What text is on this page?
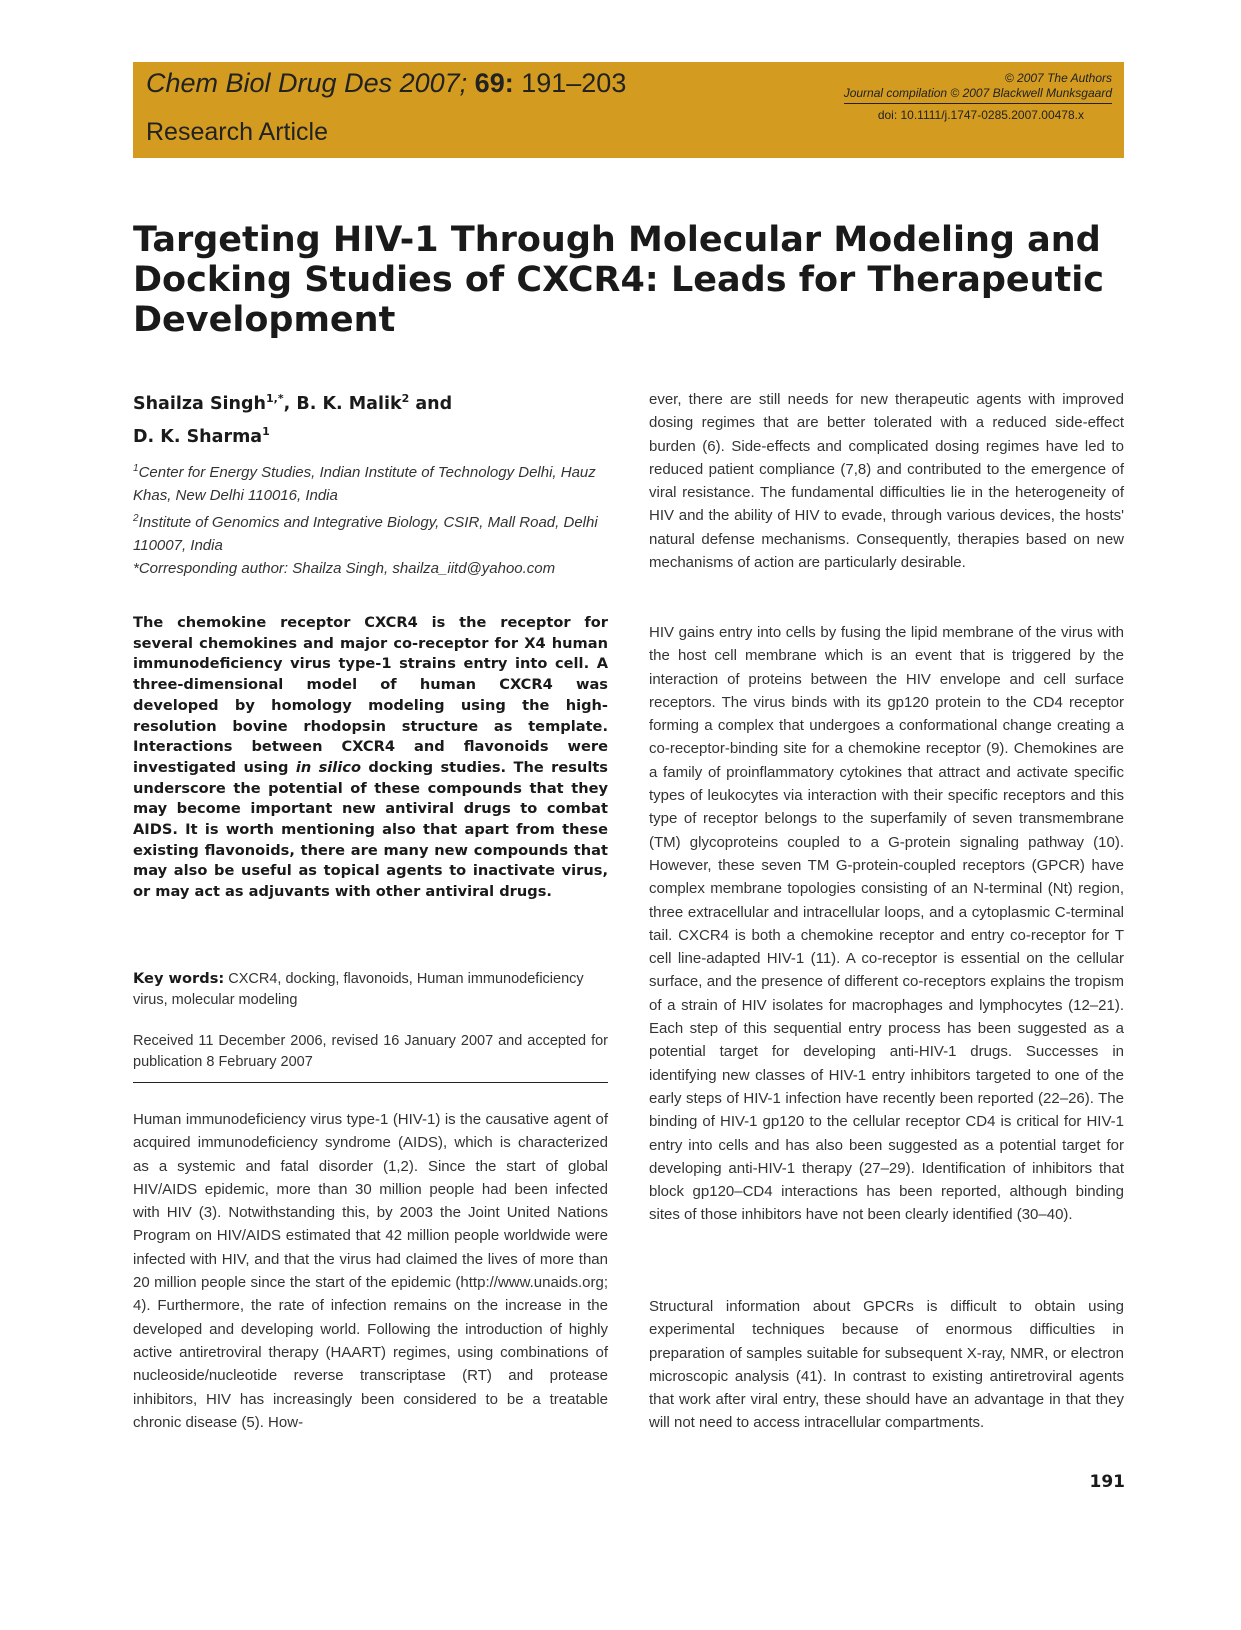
Chem Biol Drug Des 2007; 69: 191–203
Research Article
© 2007 The Authors
Journal compilation © 2007 Blackwell Munksgaard
doi: 10.1111/j.1747-0285.2007.00478.x
Targeting HIV-1 Through Molecular Modeling and Docking Studies of CXCR4: Leads for Therapeutic Development
Shailza Singh$^{1,*}$, B. K. Malik$^2$ and
D. K. Sharma$^1$
$^1$Center for Energy Studies, Indian Institute of Technology Delhi, Hauz Khas, New Delhi 110016, India
$^2$Institute of Genomics and Integrative Biology, CSIR, Mall Road, Delhi 110007, India
*Corresponding author: Shailza Singh, shailza_iitd@yahoo.com

The chemokine receptor CXCR4 is the receptor for several chemokines and major co-receptor for X4 human immunodeficiency virus type-1 strains entry into cell. A three-dimensional model of human CXCR4 was developed by homology modeling using the high-resolution bovine rhodopsin structure as template. Interactions between CXCR4 and flavonoids were investigated using in silico docking studies. The results underscore the potential of these compounds that they may become important new antiviral drugs to combat AIDS. It is worth mentioning also that apart from these existing flavonoids, there are many new compounds that may also be useful as topical agents to inactivate virus, or may act as adjuvants with other antiviral drugs.

Key words: CXCR4, docking, flavonoids, Human immunodeficiency virus, molecular modeling
Received 11 December 2006, revised 16 January 2007 and accepted for publication 8 February 2007

Human immunodeficiency virus type-1 (HIV-1) is the causative agent of acquired immunodeficiency syndrome (AIDS), which is characterized as a systemic and fatal disorder (1,2). Since the start of global HIV/AIDS epidemic, more than 30 million people had been infected with HIV (3). Notwithstanding this, by 2003 the Joint United Nations Program on HIV/AIDS estimated that 42 million people worldwide were infected with HIV, and that the virus had claimed the lives of more than 20 million people since the start of the epidemic (http://www.unaids.org; 4). Furthermore, the rate of infection remains on the increase in the developed and developing world. Following the introduction of highly active antiretroviral therapy (HAART) regimes, using combinations of nucleoside/nucleotide reverse transcriptase (RT) and protease inhibitors, HIV has increasingly been considered to be a treatable chronic disease (5). How-

ever, there are still needs for new therapeutic agents with improved dosing regimes that are better tolerated with a reduced side-effect burden (6). Side-effects and complicated dosing regimes have led to reduced patient compliance (7,8) and contributed to the emergence of viral resistance. The fundamental difficulties lie in the heterogeneity of HIV and the ability of HIV to evade, through various devices, the hosts' natural defense mechanisms. Consequently, therapies based on new mechanisms of action are particularly desirable.

HIV gains entry into cells by fusing the lipid membrane of the virus with the host cell membrane which is an event that is triggered by the interaction of proteins between the HIV envelope and cell surface receptors. The virus binds with its gp120 protein to the CD4 receptor forming a complex that undergoes a conformational change creating a co-receptor-binding site for a chemokine receptor (9). Chemokines are a family of proinflammatory cytokines that attract and activate specific types of leukocytes via interaction with their specific receptors and this type of receptor belongs to the superfamily of seven transmembrane (TM) glycoproteins coupled to a G-protein signaling pathway (10). However, these seven TM G-protein-coupled receptors (GPCR) have complex membrane topologies consisting of an N-terminal (Nt) region, three extracellular and intracellular loops, and a cytoplasmic C-terminal tail. CXCR4 is both a chemokine receptor and entry co-receptor for T cell line-adapted HIV-1 (11). A co-receptor is essential on the cellular surface, and the presence of different co-receptors explains the tropism of a strain of HIV isolates for macrophages and lymphocytes (12–21). Each step of this sequential entry process has been suggested as a potential target for developing anti-HIV-1 drugs. Successes in identifying new classes of HIV-1 entry inhibitors targeted to one of the early steps of HIV-1 infection have recently been reported (22–26). The binding of HIV-1 gp120 to the cellular receptor CD4 is critical for HIV-1 entry into cells and has also been suggested as a potential target for developing anti-HIV-1 therapy (27–29). Identification of inhibitors that block gp120–CD4 interactions has been reported, although binding sites of those inhibitors have not been clearly identified (30–40).

Structural information about GPCRs is difficult to obtain using experimental techniques because of enormous difficulties in preparation of samples suitable for subsequent X-ray, NMR, or electron microscopic analysis (41). In contrast to existing antiretroviral agents that work after viral entry, these should have an advantage in that they will not need to access intracellular compartments.

191
